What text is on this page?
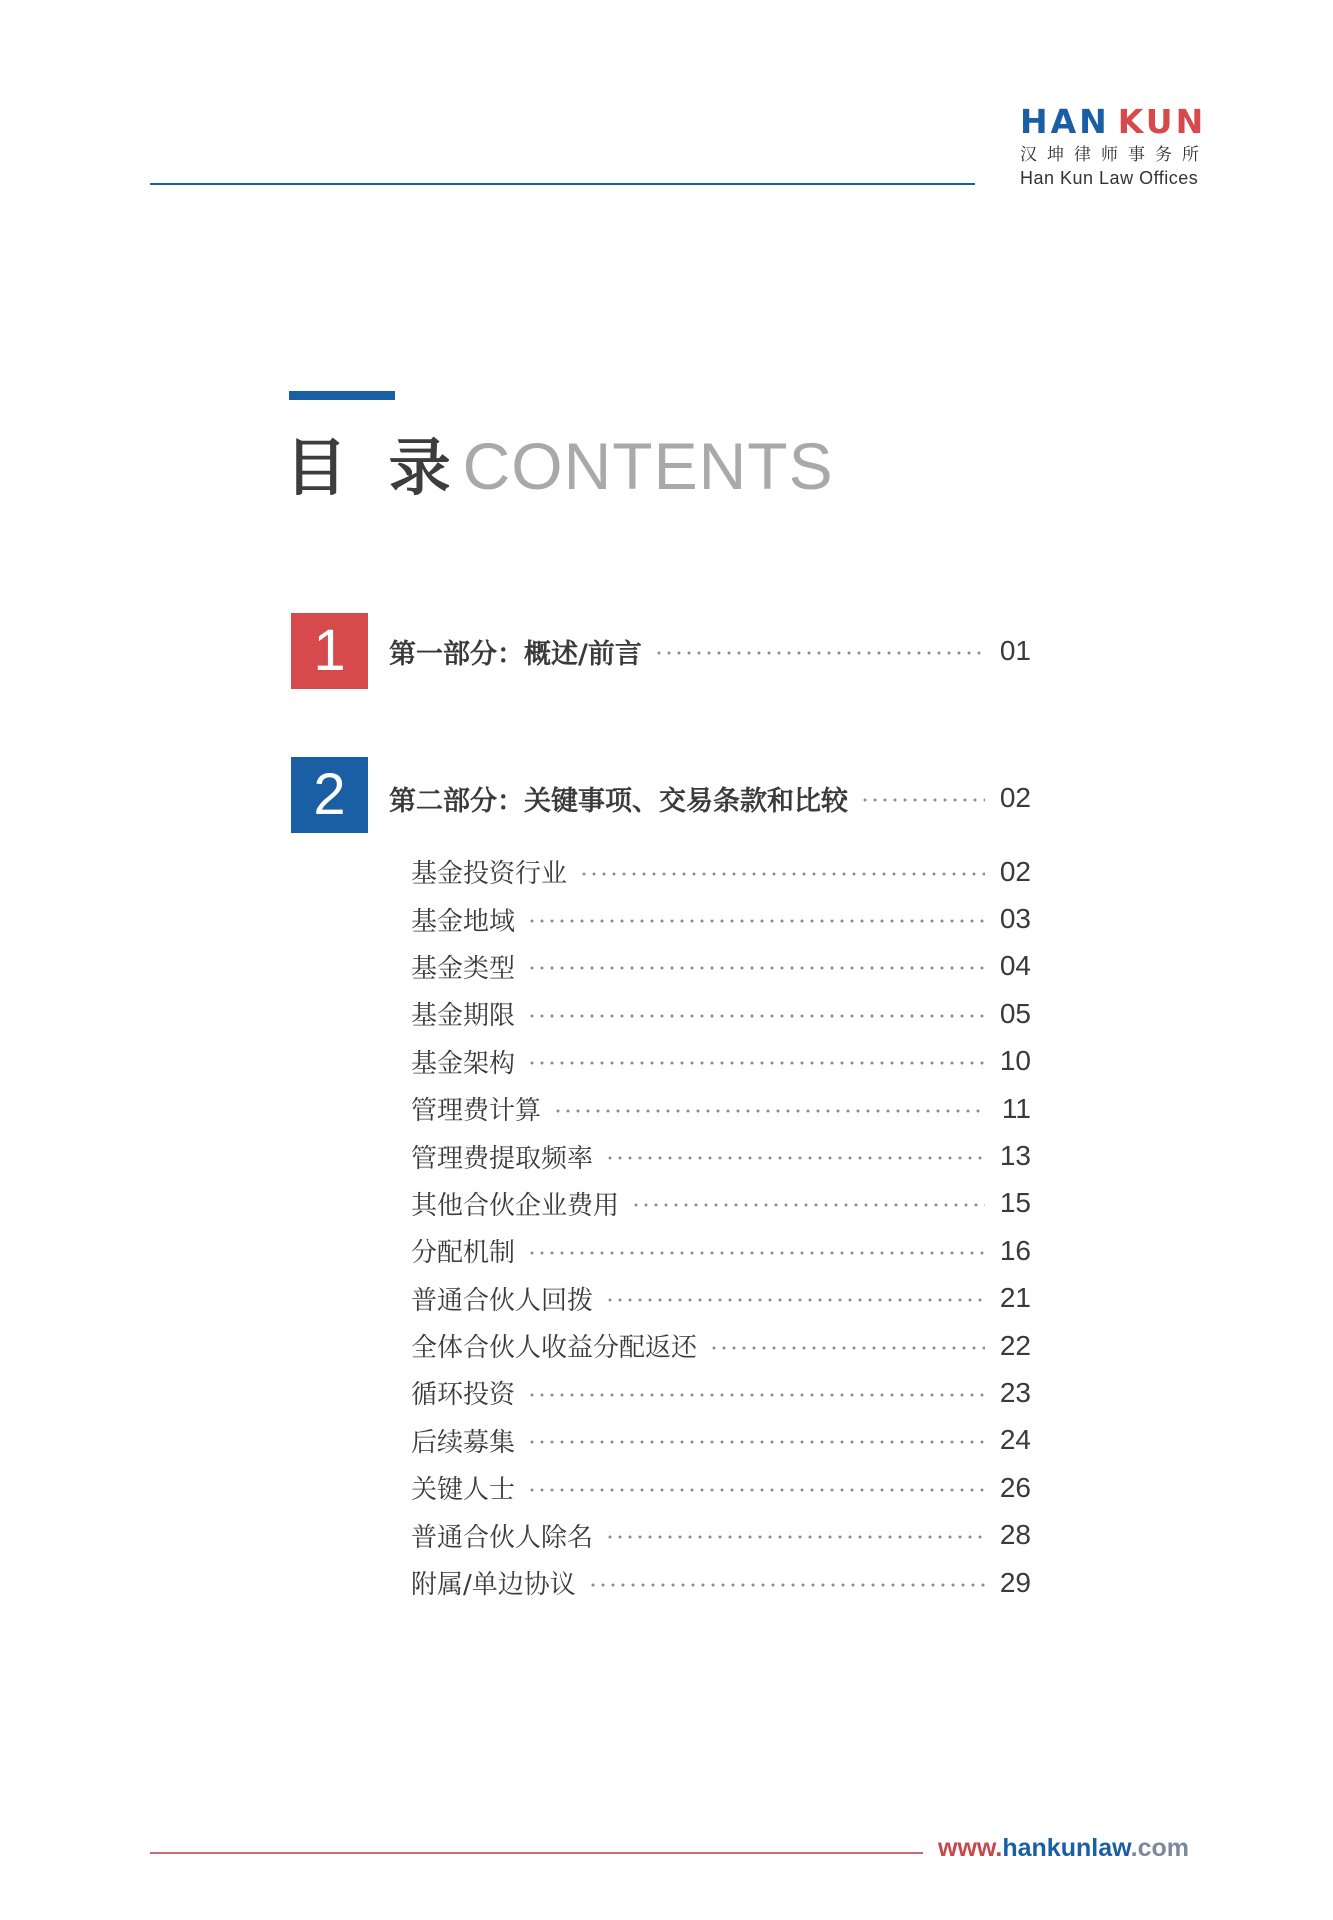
HAN KUN
汉坤律师事务所
Han Kun Law Offices
目 录CONTENTS
1	第一部分：概述/前言	01
2	第二部分：关键事项、交易条款和比较	02
基金投资行业	02
基金地域	03
基金类型	04
基金期限	05
基金架构	10
管理费计算	11
管理费提取频率	13
其他合伙企业费用	15
分配机制	16
普通合伙人回拨	21
全体合伙人收益分配返还	22
循环投资	23
后续募集	24
关键人士	26
普通合伙人除名	28
附属/单边协议	29
www.hankunlaw.com
